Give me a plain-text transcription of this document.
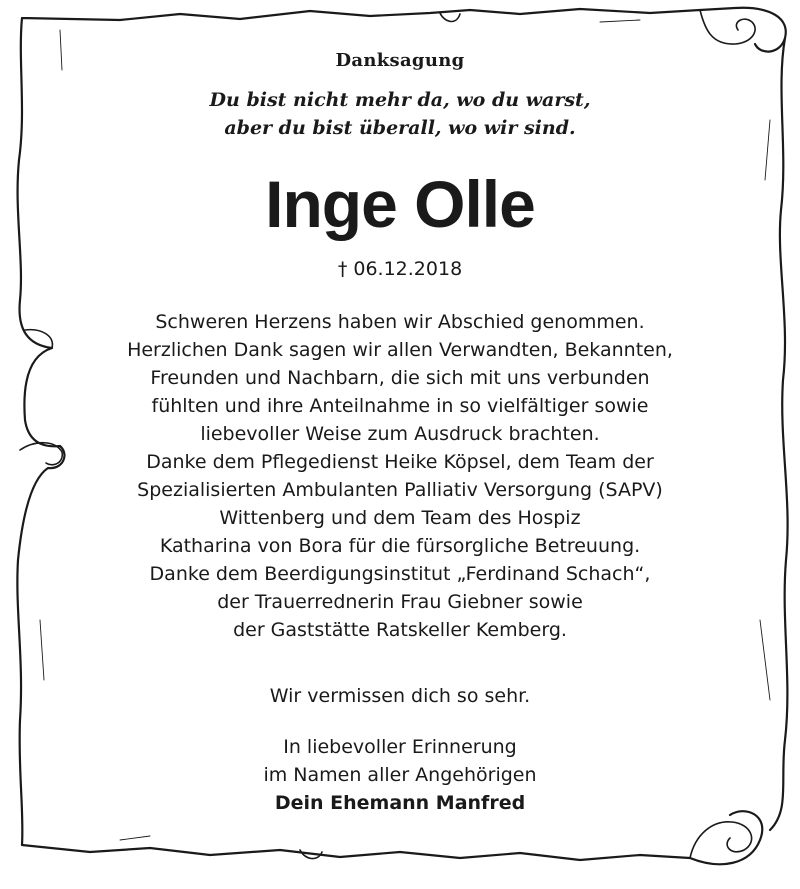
Danksagung
Du bist nicht mehr da, wo du warst,
aber du bist überall, wo wir sind.
Inge Olle
† 06.12.2018
Schweren Herzens haben wir Abschied genommen.
Herzlichen Dank sagen wir allen Verwandten, Bekannten,
Freunden und Nachbarn, die sich mit uns verbunden
fühlten und ihre Anteilnahme in so vielfältiger sowie
liebevoller Weise zum Ausdruck brachten.
Danke dem Pflegedienst Heike Köpsel, dem Team der
Spezialisierten Ambulanten Palliativ Versorgung (SAPV)
Wittenberg und dem Team des Hospiz
Katharina von Bora für die fürsorgliche Betreuung.
Danke dem Beerdigungsinstitut „Ferdinand Schach“,
der Trauerrednerin Frau Giebner sowie
der Gaststätte Ratskeller Kemberg.
Wir vermissen dich so sehr.
In liebevoller Erinnerung
im Namen aller Angehörigen
Dein Ehemann Manfred
